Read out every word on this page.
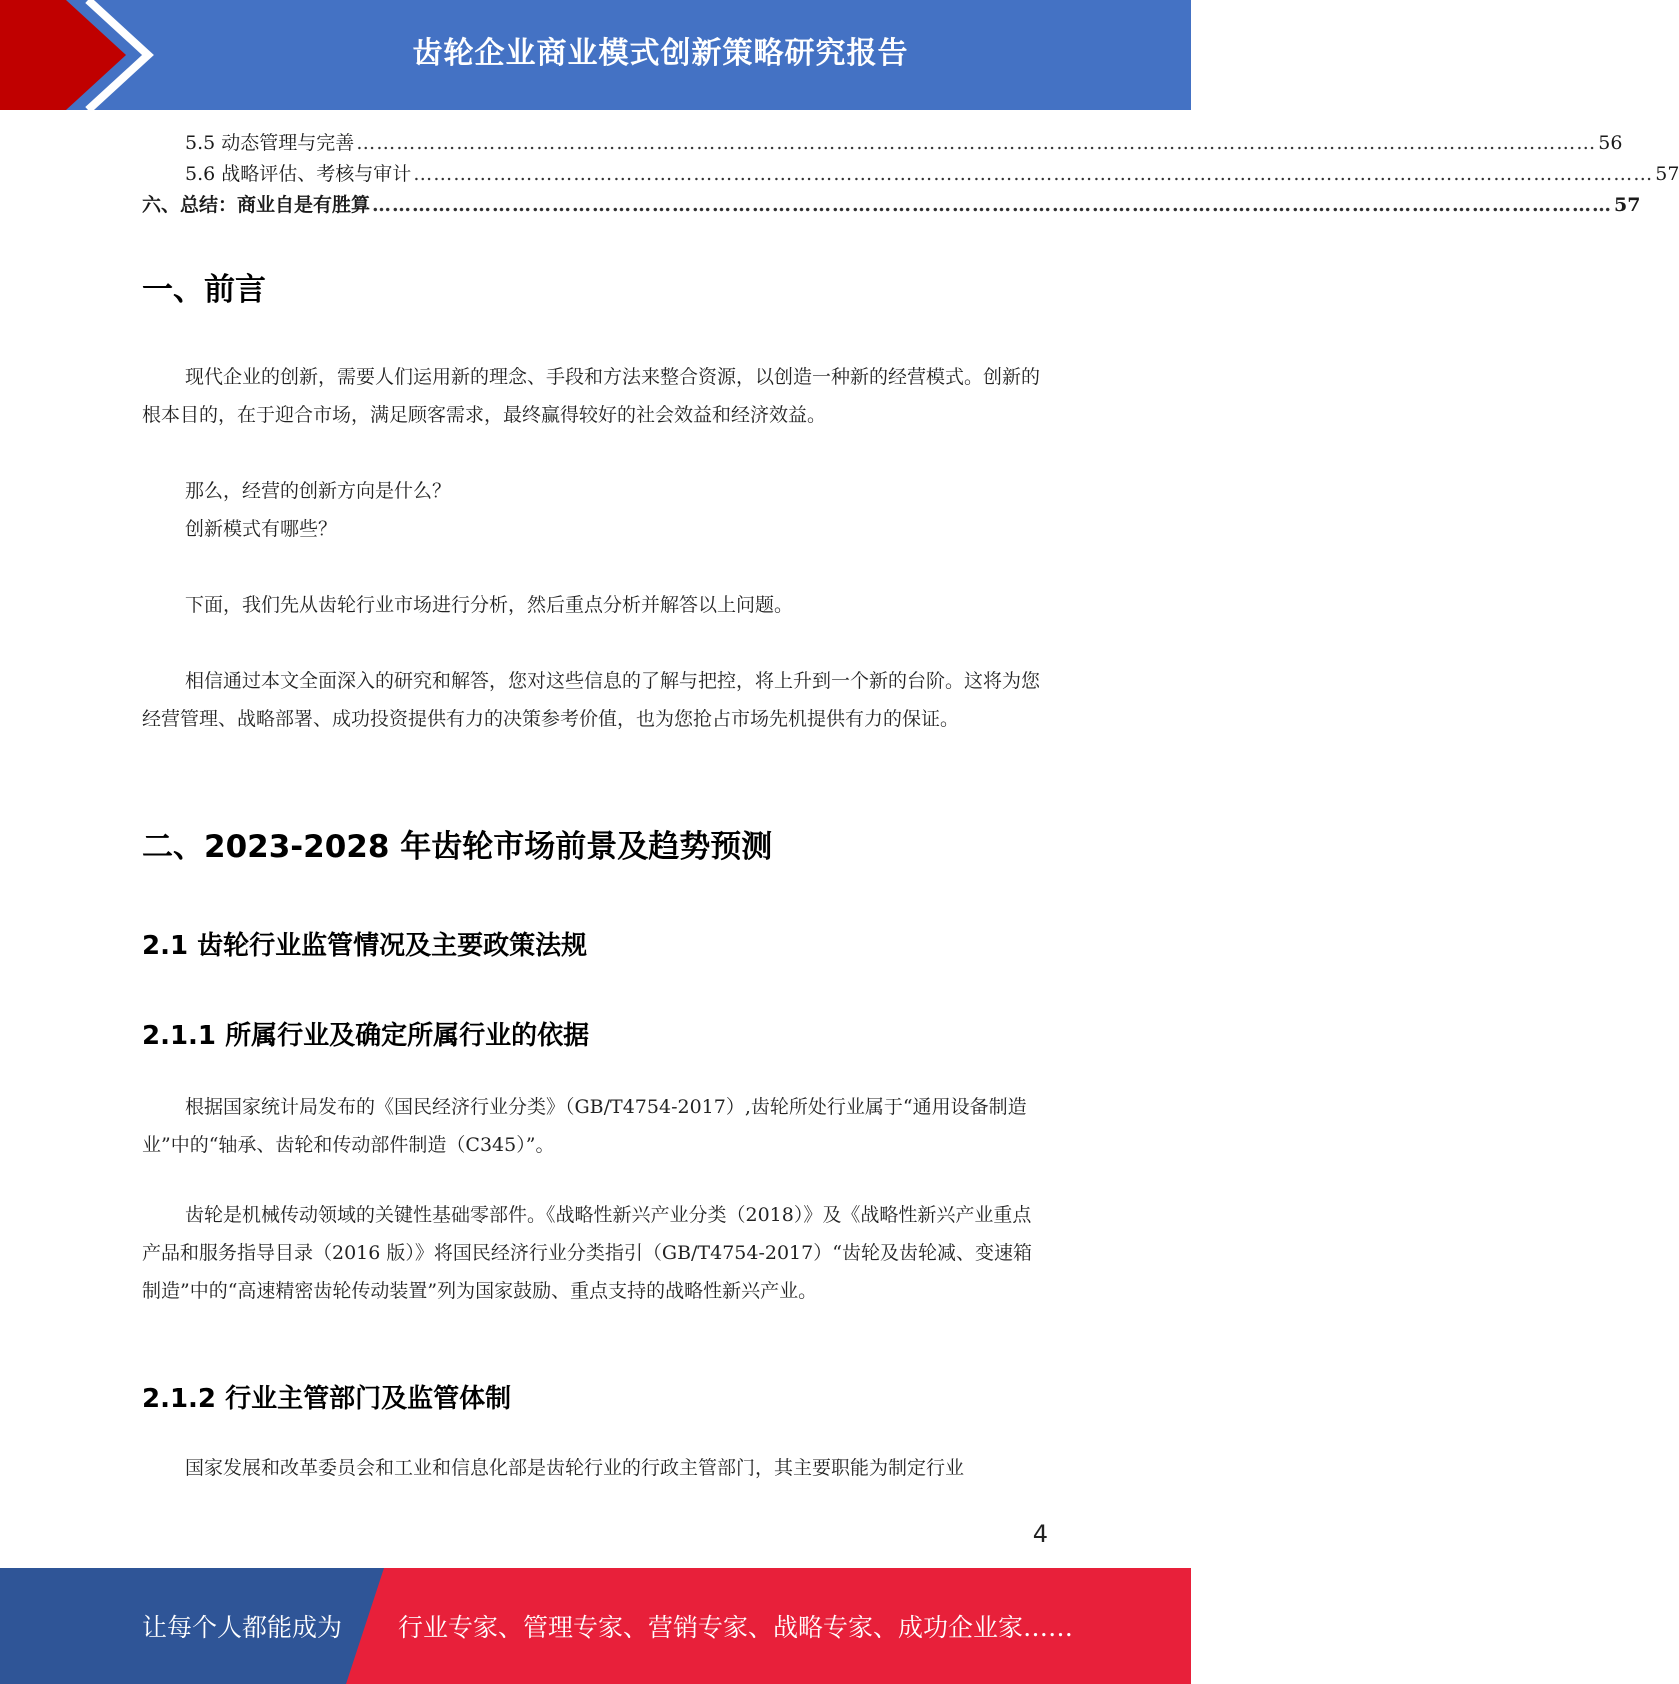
齿轮企业商业模式创新策略研究报告
5.5 动态管理与完善 …………………………………………………………………………………………………………………………………………………………………… 56
5.6 战略评估、考核与审计 …………………………………………………………………………………………………………………………………………………………………… 57
六、总结：商业自是有胜算 …………………………………………………………………………………………………………………………………………………………………… 57
一、前言
现代企业的创新，需要人们运用新的理念、手段和方法来整合资源，以创造一种新的经营模式。创新的根本目的，在于迎合市场，满足顾客需求，最终赢得较好的社会效益和经济效益。
那么，经营的创新方向是什么？
创新模式有哪些？
下面，我们先从齿轮行业市场进行分析，然后重点分析并解答以上问题。
相信通过本文全面深入的研究和解答，您对这些信息的了解与把控，将上升到一个新的台阶。这将为您经营管理、战略部署、成功投资提供有力的决策参考价值，也为您抢占市场先机提供有力的保证。
二、2023-2028 年齿轮市场前景及趋势预测
2.1 齿轮行业监管情况及主要政策法规
2.1.1 所属行业及确定所属行业的依据
根据国家统计局发布的《国民经济行业分类》（GB/T4754-2017）,齿轮所处行业属于“通用设备制造业”中的“轴承、齿轮和传动部件制造（C345）”。
齿轮是机械传动领域的关键性基础零部件。《战略性新兴产业分类（2018）》及《战略性新兴产业重点产品和服务指导目录（2016 版）》将国民经济行业分类指引（GB/T4754-2017）“齿轮及齿轮减、变速箱制造”中的“高速精密齿轮传动装置”列为国家鼓励、重点支持的战略性新兴产业。
2.1.2 行业主管部门及监管体制
国家发展和改革委员会和工业和信息化部是齿轮行业的行政主管部门，其主要职能为制定行业
4
让每个人都能成为 行业专家、管理专家、营销专家、战略专家、成功企业家……
